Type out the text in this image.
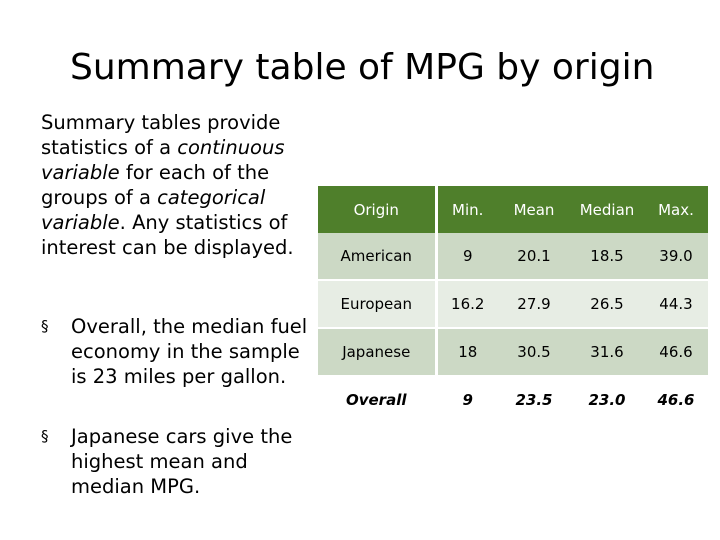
Summary table of MPG by origin
Summary tables provide statistics of a continuous variable for each of the groups of a categorical variable. Any statistics of interest can be displayed.
§ Overall, the median fuel economy in the sample is 23 miles per gallon.
§ Japanese cars give the highest mean and median MPG.
Origin	Min.	Mean	Median	Max.
American	9	20.1	18.5	39.0
European	16.2	27.9	26.5	44.3
Japanese	18	30.5	31.6	46.6
Overall	9	23.5	23.0	46.6
